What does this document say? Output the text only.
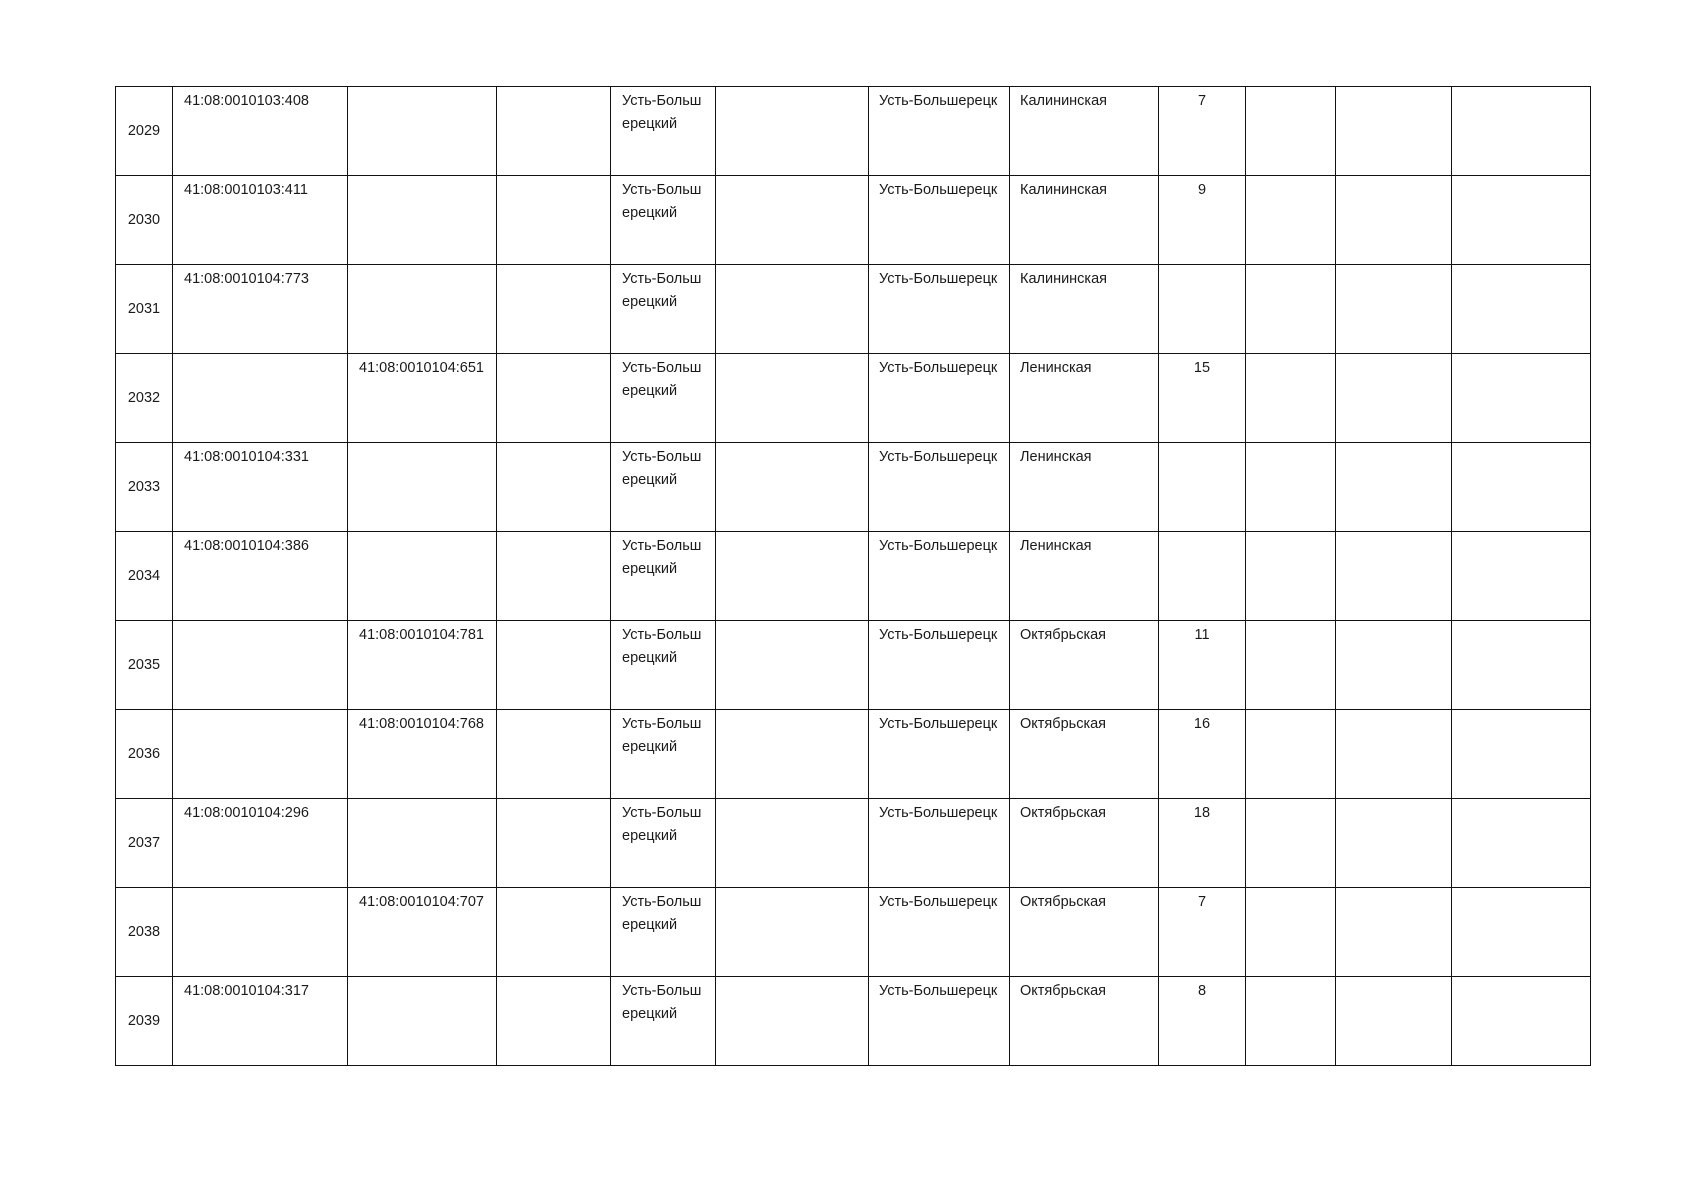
2029	41:08:0010103:408			Усть-Большерецкий		Усть-Большерецк	Калининская	7			

2030	41:08:0010103:411			Усть-Большерецкий		Усть-Большерецк	Калининская	9			

2031	41:08:0010104:773			Усть-Большерецкий		Усть-Большерецк	Калининская				

2032		41:08:0010104:651		Усть-Большерецкий		Усть-Большерецк	Ленинская	15			

2033	41:08:0010104:331			Усть-Большерецкий		Усть-Большерецк	Ленинская				

2034	41:08:0010104:386			Усть-Большерецкий		Усть-Большерецк	Ленинская				

2035		41:08:0010104:781		Усть-Большерецкий		Усть-Большерецк	Октябрьская	11			

2036		41:08:0010104:768		Усть-Большерецкий		Усть-Большерецк	Октябрьская	16			

2037	41:08:0010104:296			Усть-Большерецкий		Усть-Большерецк	Октябрьская	18			

2038		41:08:0010104:707		Усть-Большерецкий		Усть-Большерецк	Октябрьская	7			

2039	41:08:0010104:317			Усть-Большерецкий		Усть-Большерецк	Октябрьская	8			
